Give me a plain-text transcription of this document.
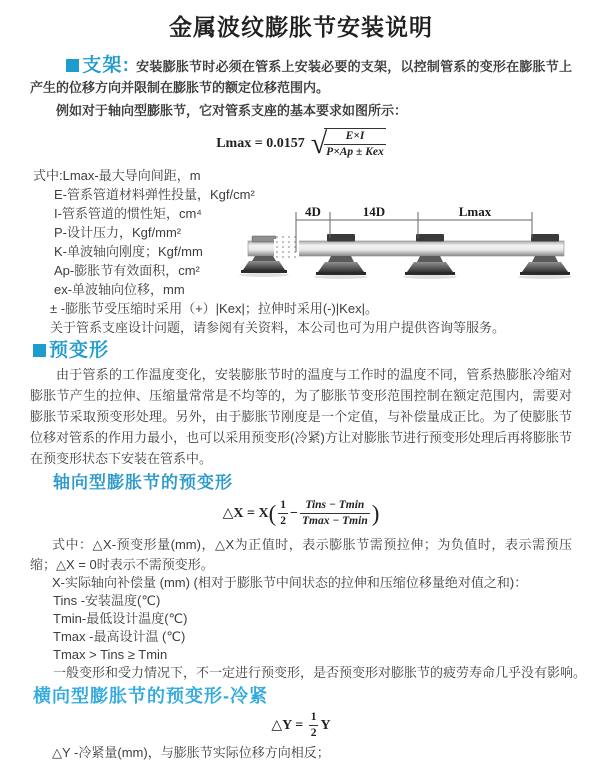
金属波纹膨胀节安装说明

支架: 安装膨胀节时必须在管系上安装必要的支架，以控制管系的变形在膨胀节上产生的位移方向并限制在膨胀节的额定位移范围内。

例如对于轴向型膨胀节，它对管系支座的基本要求如图所示：

Lmax = 0.0157 √	E×I
P×Ap ± Kex
式中:Lmax-最大导向间距，m
E-管系管道材料弹性投量，Kgf/cm²
I-管系管道的惯性矩，cm⁴
P-设计压力，Kgf/mm²
K-单波轴向刚度；Kgf/mm
Ap-膨胀节有效面积，cm²
ex-单波轴向位移，mm
± -膨胀节受压缩时采用（+）|Kex|；拉伸时采用(-)|Kex|。
关于管系支座设计问题，请参阅有关资料，本公司也可为用户提供咨询等服务。
预变形

由于管系的工作温度变化，安装膨胀节时的温度与工作时的温度不同，管系热膨胀冷缩对膨胀节产生的拉伸、压缩量常常是不均等的，为了膨胀节变形范围控制在额定范围内，需要对膨胀节采取预变形处理。另外，由于膨胀节刚度是一个定值，与补偿量成正比。为了使膨胀节位移对管系的作用力最小，也可以采用预变形(冷紧)方让对膨胀节进行预变形处理后再将膨胀节在预变形状态下安装在管系中。

轴向型膨胀节的预变形
△X = $X( \frac{1}{2} - \frac{\text{Tins − Tmin}}{Tmax - Tmin}$ )

式中：△X-预变形量(mm)，△X为正值时，表示膨胀节需预拉伸；为负值时，表示需预压缩；△X = 0时表示不需预变形。

X-实际轴向补偿量 (mm) (相对于膨胀节中间状态的拉伸和压缩位移量绝对值之和)：
Tins -安装温度(℃)
Tmin-最低设计温度(℃)
Tmax -最高设计温 (℃)
Tmax > Tins ≥ Tmin
一般变形和受力情况下，不一定进行预变形，是否预变形对膨胀节的疲劳寿命几乎没有影响。
横向型膨胀节的预变形-冷紧
△Y = $\frac{1}{2}$ Y
△Y -冷紧量(mm)，与膨胀节实际位移方向相反；
4D	14D	Lmax
